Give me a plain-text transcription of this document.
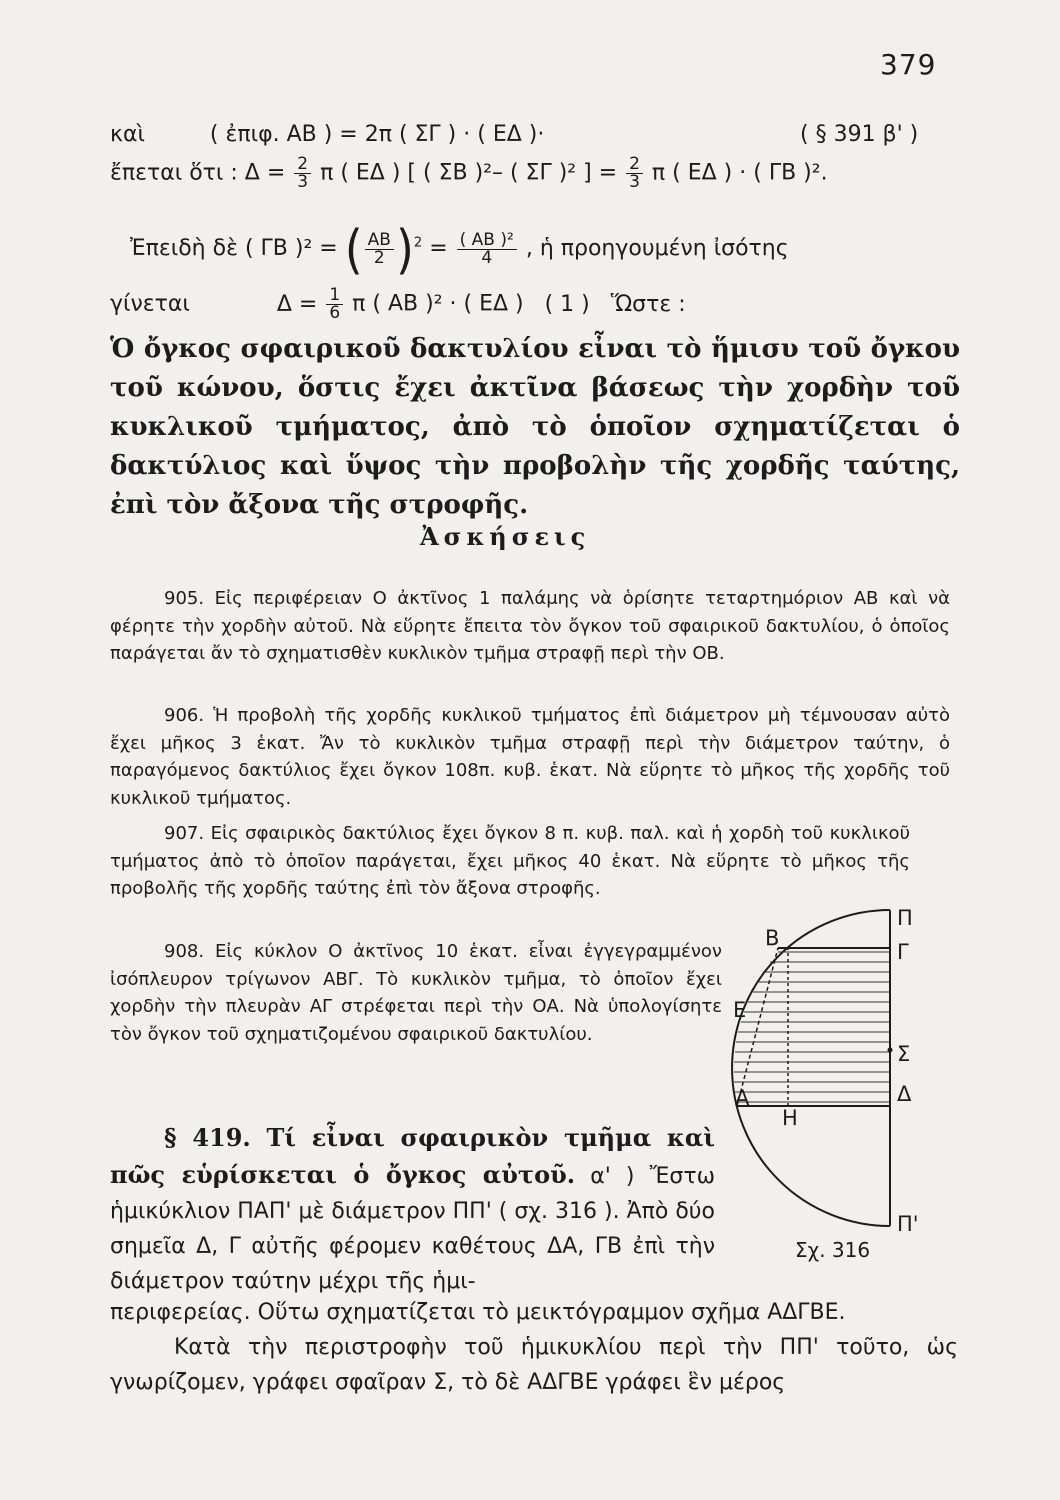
379
καὶ	( ἐπιφ. AB ) = 2π ( ΣΓ ) · ( ΕΔ )·	( § 391 β' )
ἔπεται ὅτι : $\Delta = \frac{2}{3}$ π ( ΕΔ ) [ ( ΣΒ )²– ( ΣΓ )² ] = $\frac{2}{3}$ π ( ΕΔ ) · ( ΓΒ )².
Ἐπειδὴ δὲ ( ΓΒ )² = ( $\frac{AB}{2} )^2 = \frac{\text{( ΑΒ )²}}{4}$ , ἡ προηγουμένη ἰσότης
γίνεται	$\Delta = \frac{1}{6}$ π ( ΑΒ )² · ( ΕΔ ) ( 1 ) Ὥστε :
Ὁ ὄγκος σφαιρικοῦ δακτυλίου εἶναι τὸ ἥμισυ τοῦ ὄγκου τοῦ κώνου, ὅστις ἔχει ἀκτῖνα βάσεως τὴν χορδὴν τοῦ κυκλικοῦ τμήματος, ἀπὸ τὸ ὁποῖον σχηματίζεται ὁ δακτύλιος καὶ ὕψος τὴν προβολὴν τῆς χορδῆς ταύτης, ἐπὶ τὸν ἄξονα τῆς στροφῆς.
Ἀσκήσεις
905. Εἰς περιφέρειαν Ο ἀκτῖνος 1 παλάμης νὰ ὁρίσητε τεταρτημόριον ΑΒ καὶ νὰ φέρητε τὴν χορδὴν αὐτοῦ. Νὰ εὕρητε ἔπειτα τὸν ὄγκον τοῦ σφαιρικοῦ δακτυλίου, ὁ ὁποῖος παράγεται ἄν τὸ σχηματισθὲν κυκλικὸν τμῆμα στραφῇ περὶ τὴν ΟΒ.
906. Ἡ προβολὴ τῆς χορδῆς κυκλικοῦ τμήματος ἐπὶ διάμετρον μὴ τέμνουσαν αὐτὸ ἔχει μῆκος 3 ἑκατ. Ἄν τὸ κυκλικὸν τμῆμα στραφῇ περὶ τὴν διάμετρον ταύτην, ὁ παραγόμενος δακτύλιος ἔχει ὄγκον 108π. κυβ. ἑκατ. Νὰ εὕρητε τὸ μῆκος τῆς χορδῆς τοῦ κυκλικοῦ τμήματος.
907. Εἰς σφαιρικὸς δακτύλιος ἔχει ὄγκον 8 π. κυβ. παλ. καὶ ἡ χορδὴ τοῦ κυκλικοῦ τμήματος ἀπὸ τὸ ὁποῖον παράγεται, ἔχει μῆκος 40 ἑκατ. Νὰ εὕρητε τὸ μῆκος τῆς προβολῆς τῆς χορδῆς ταύτης ἐπὶ τὸν ἄξονα στροφῆς.
908. Εἰς κύκλον Ο ἀκτῖνος 10 ἑκατ. εἶναι ἐγγεγραμμένον ἰσόπλευρον τρίγωνον ΑΒΓ. Τὸ κυκλικὸν τμῆμα, τὸ ὁποῖον ἔχει χορδὴν τὴν πλευρὰν ΑΓ στρέφεται περὶ τὴν ΟΑ. Νὰ ὑπολογίσητε τὸν ὄγκον τοῦ σχηματιζομένου σφαιρικοῦ δακτυλίου.
§ 419. Τί εἶναι σφαιρικὸν τμῆμα καὶ πῶς εὑρίσκεται ὁ ὄγκος αὐτοῦ. α' ) Ἔστω ἡμικύκλιον ΠΑΠ' μὲ διάμετρον ΠΠ' ( σχ. 316 ). Ἀπὸ δύο σημεῖα Δ, Γ αὐτῆς φέρομεν καθέτους ΔΑ, ΓΒ ἐπὶ τὴν διάμετρον ταύτην μέχρι τῆς ἡμι-
περιφερείας. Οὕτω σχηματίζεται τὸ μεικτόγραμμον σχῆμα ΑΔΓΒΕ.
Κατὰ τὴν περιστροφὴν τοῦ ἡμικυκλίου περὶ τὴν ΠΠ' τοῦτο, ὡς γνωρίζομεν, γράφει σφαῖραν Σ, τὸ δὲ ΑΔΓΒΕ γράφει ἓν μέρος
Π
Γ
Β
Ε
Σ
Α	Δ
Η
Π'
Σχ. 316
